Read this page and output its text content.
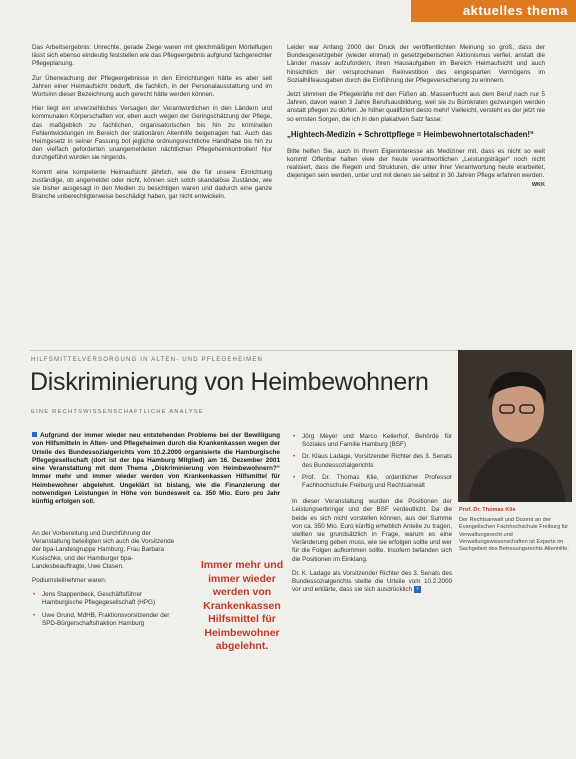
aktuelles thema

Das Arbeitsergebnis: Unrechte, gerade Ziege waren mit gleichmäßigen Mörtelfugen lässt sich ebenso eindeutig feststellen wie das Pflegeergebnis aufgrund fachgerechter Pflegeplanung.

Zur Überwachung der Pflegeergebnisse in den Einrichtungen hätte es aber seit Jahren einer Heimaufsicht bedurft, die fachlich, in der Personalausstattung und im Wortsinn dieser Bezeichnung auch gerecht hätte werden können.

Hier liegt ein unverzeihliches Versagen der Verantwortlichen in den Ländern und kommunalen Körperschaften vor, eben auch wegen der Geringschätzung der Pflege, das maßgeblich zu fachlichen, organisatorischen bis hin zu kriminellen Fehlentwicklungen im Bereich der stationären Altenhilfe beigetragen hat. Auch das Heimgesetz in seiner Fassung bot jegliche ordnungsrechtliche Handhabe bis hin zu den vielfach geforderten unangemeldeten nächtlichen Pflegeheimkontrollen! Nur durchgeführt wurden sie nirgends.

Kommt eine kompetente Heimaufsicht jährlich, wie die für unsere Einrichtung zuständige, ob angemeldet oder nicht, können sich solch skandalöse Zustände, wie sie bisher ausgesagt in den Medien zu besichtigen waren und dadurch eine ganze Branche unberechtigterweise beschädigt haben, gar nicht entwickeln.

Leider war Anfang 2000 der Druck der veröffentlichten Meinung so groß, dass der Bundesgesetzgeber (wieder einmal) in gesetzgeberischen Aktionismus verfiel, anstatt die Länder massiv aufzufordern, ihren Hausaufgaben im Bereich Heimaufsicht und auch hinsichtlich der versprochenen Reinvestition des eingesparten Vermögens im Sozialhilfeausgaben durch die Einführung der Pflegeversicherung zu erinnern.

Jetzt stimmen die Pflegekräfte mit den Füßen ab. Massenflucht aus dem Beruf nach nur 5 Jahren, davon waren 3 Jahre Berufsausbildung, weil sie zu Bürokraten gezwungen werden anstatt pflegen zu dürfen. Je höher qualifiziert desto mehr! Vielleicht, versteht es der jetzt nie so ernsten Sorgen, die ich in den plakativen Satz fasse:

„Hightech-Medizin + Schrottpflege = Heimbewohnertotalschaden!“

Bitte helfen Sie, auch in Ihrem Eigeninteresse als Mediziner mit, dass es nicht so weit kommt! Offenbar halten viele der heute verantwortlichen „Leistungsträger“ noch nicht realisiert, dass die Regeln und Strukturen, die unter ihrer Verantwortung heute erarbeitet, diejenigen sein werden, unter und mit denen sie selbst in 30 Jahren Pflege erfahren werden.
WKK

HILFSMITTELVERSORGUNG IN ALTEN- UND PFLEGEHEIMEN
Diskriminierung von Heimbewohnern
EINE RECHTSWISSENSCHAFTLICHE ANALYSE
Aufgrund der immer wieder neu entstehenden Probleme bei der Bewilligung von Hilfsmitteln in Alten- und Pflegeheimen durch die Krankenkassen wegen der Urteile des Bundessozialgerichts vom 10.2.2000 organisierte die Hamburgische Pflegegesellschaft (dort ist der bpa Hamburg Mitglied) am 16. Dezember 2001 eine Veranstaltung mit dem Thema „Diskriminierung von Heimbewohnern?“ Immer mehr und immer wieder werden von Krankenkassen Hilfsmittel für Heimbewohner abgelehnt. Ungeklärt ist bislang, wie die Finanzierung der notwendigen Leistungen in Höhe von bundesweit ca. 350 Mio. Euro pro Jahr künftig erfolgen soll.

An der Vorbereitung und Durchführung der Veranstaltung beteiligten sich auch die Vorsitzende der bpa-Landesgruppe Hamburg, Frau Barbara Kusischke, und der Hamburger bpa-Landesbeauftragte, Uwe Clasen.

Podiumsteilnehmer waren:

• Jens Stappenbeck, Geschäftsführer Hamburgische Pflegegesellschaft (HPG)
• Uwe Grund, MdHB, Fraktionsvorsitzender der SPD-Bürgerschaftsfraktion Hamburg
Immer mehr und immer wieder werden von Krankenkassen Hilfsmittel für Heimbewohner abgelehnt.
• Jörg Meyer und Marco Kellerhof, Behörde für Soziales und Familie Hamburg (BSF)
• Dr. Klaus Ladage, Vorsitzender Richter des 3. Senats des Bundessozialgerichts
• Prof. Dr. Thomas Klie, ordentlicher Professor Fachhochschule Freiburg und Rechtsanwalt

In dieser Veranstaltung wurden die Positionen der Leistungserbringer und der BSF verdeutlicht. Da die beide es sich nicht vorstellen können, aus der Summe von ca. 350 Mio. Euro künftig erheblich Anteile zu tragen, stellten sie grundsätzlich in Frage, warum es eine Veränderung geben muss, wie sie erfolgen sollte und wer für die Folgen aufkommen sollte. Insofern befanden sich die Positionen im Einklang.

Dr. K. Ladage als Vorsitzender Richter des 3. Senats des Bundessozialgerichts stellte die Urteile vom 10.2.2000 vor und erklärte, dass sie sich ausdrücklich ›

Prof. Dr. Thomas Klie
Der Rechtsanwalt und Dozent an der Evangelischen Fachhochschule Freiburg für Verwaltungsrecht und Verwaltungswissenschaften ist Experte im Sachgebiet des Betreuungsrechts Altenhilfe.
